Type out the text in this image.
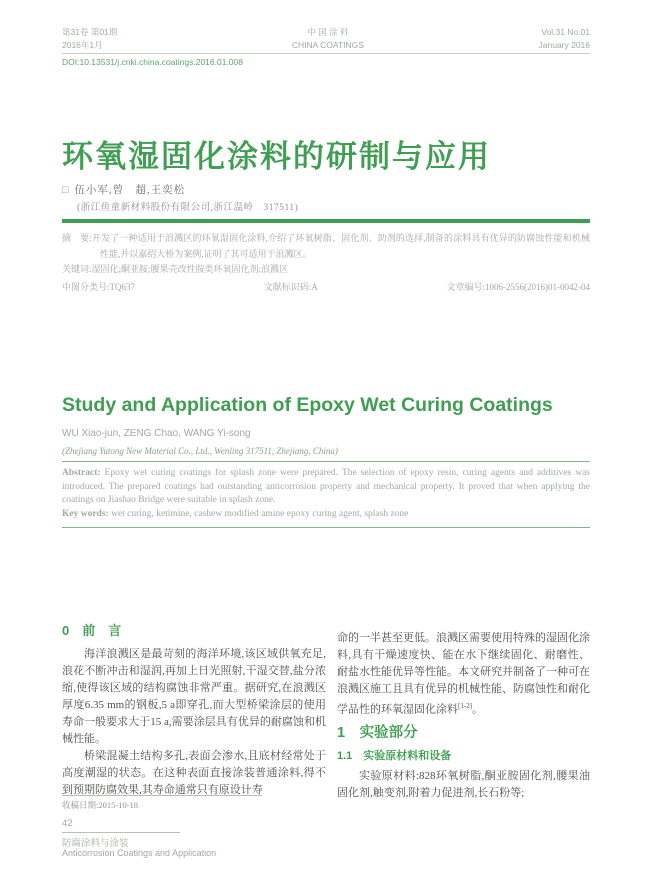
第31卷 第01期
2016年1月
中 国 涂 料
CHINA COATINGS
Vol.31 No.01
January 2016
DOI:10.13531/j.cnki.china.coatings.2016.01.008
环氧湿固化涂料的研制与应用
□ 伍小军,曾　超,王奕松
(浙江鱼童新材料股份有限公司,浙江温岭　317511)

摘　要:开发了一种适用于浪溅区的环氧湿固化涂料,介绍了环氧树脂、固化剂、助剂的选择,制备的涂料具有优异的防腐蚀性能和机械性能,并以嘉绍大桥为案例,证明了其可适用于浪溅区。

关键词:湿固化;酮亚胺;腰果壳改性胺类环氧固化剂;浪溅区

中图分类号:TQ637	文献标识码:A	文章编号:1006-2556(2016)01-0042-04
Study and Application of Epoxy Wet Curing Coatings
WU Xiao-jun, ZENG Chao, WANG Yi-song
(Zhejiang Yutong New Material Co., Ltd., Wenling 317511, Zhejiang, China)

Abstract: Epoxy wet curing coatings for splash zone were prepared. The selection of epoxy resin, curing agents and additives was introduced. The prepared coatings had outstanding anticorrosion property and mechanical property. It proved that when applying the coatings on Jiashao Bridge were suitable in splash zone.

Key words: wet curing, ketimine, cashew modified amine epoxy curing agent, splash zone

0　前　言

海洋浪溅区是最苛刻的海洋环境,该区域供氧充足,浪花不断冲击和湿润,再加上日光照射,干湿交替,盐分浓缩,使得该区域的结构腐蚀非常严重。据研究,在浪溅区厚度6.35 mm的钢板,5 a即穿孔,而大型桥梁涂层的使用寿命一般要求大于15 a,需要涂层具有优异的耐腐蚀和机械性能。

桥梁混凝土结构多孔,表面会渗水,且底材经常处于高度潮湿的状态。在这种表面直接涂装普通涂料,得不到预期防腐效果,其寿命通常只有原设计寿

命的一半甚至更低。浪溅区需要使用特殊的湿固化涂料,具有干燥速度快、能在水下继续固化、耐磨性、耐盐水性能优异等性能。本文研究并制备了一种可在浪溅区施工且具有优异的机械性能、防腐蚀性和耐化学品性的环氧湿固化涂料[1-2]。

1　实验部分
1.1　实验原材料和设备

实验原材料:828环氧树脂,酮亚胺固化剂,腰果油固化剂,触变剂,附着力促进剂,长石粉等;

收稿日期:2015-10-18
42
防腐涂料与涂装
Anticorrosion Coatings and Application
